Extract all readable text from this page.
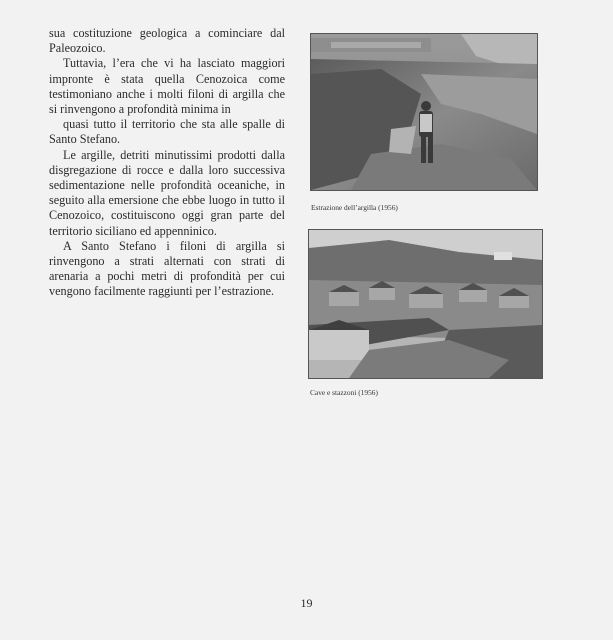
sua costituzione geologica a cominciare dal Paleozoico.

Tuttavia, l’era che vi ha lasciato maggiori impronte è stata quella Cenozoica come testimoniano anche i molti filoni di argilla che si rinvengono a profondità minima in

quasi tutto il territorio che sta alle spalle di Santo Stefano.

Le argille, detriti minutissimi prodotti dalla disgregazione di rocce e dalla loro successiva sedimentazione nelle profondità oceaniche, in seguito alla emersione che ebbe luogo in tutto il Cenozoico, costituiscono oggi gran parte del territorio siciliano ed appenninico.

A Santo Stefano i filoni di argilla si rinvengono a strati alternati con strati di arenaria a pochi metri di profondità per cui vengono facilmente raggiunti per l’estrazione.

Estrazione dell’argilla (1956)
Cave e stazzoni (1956)
19
